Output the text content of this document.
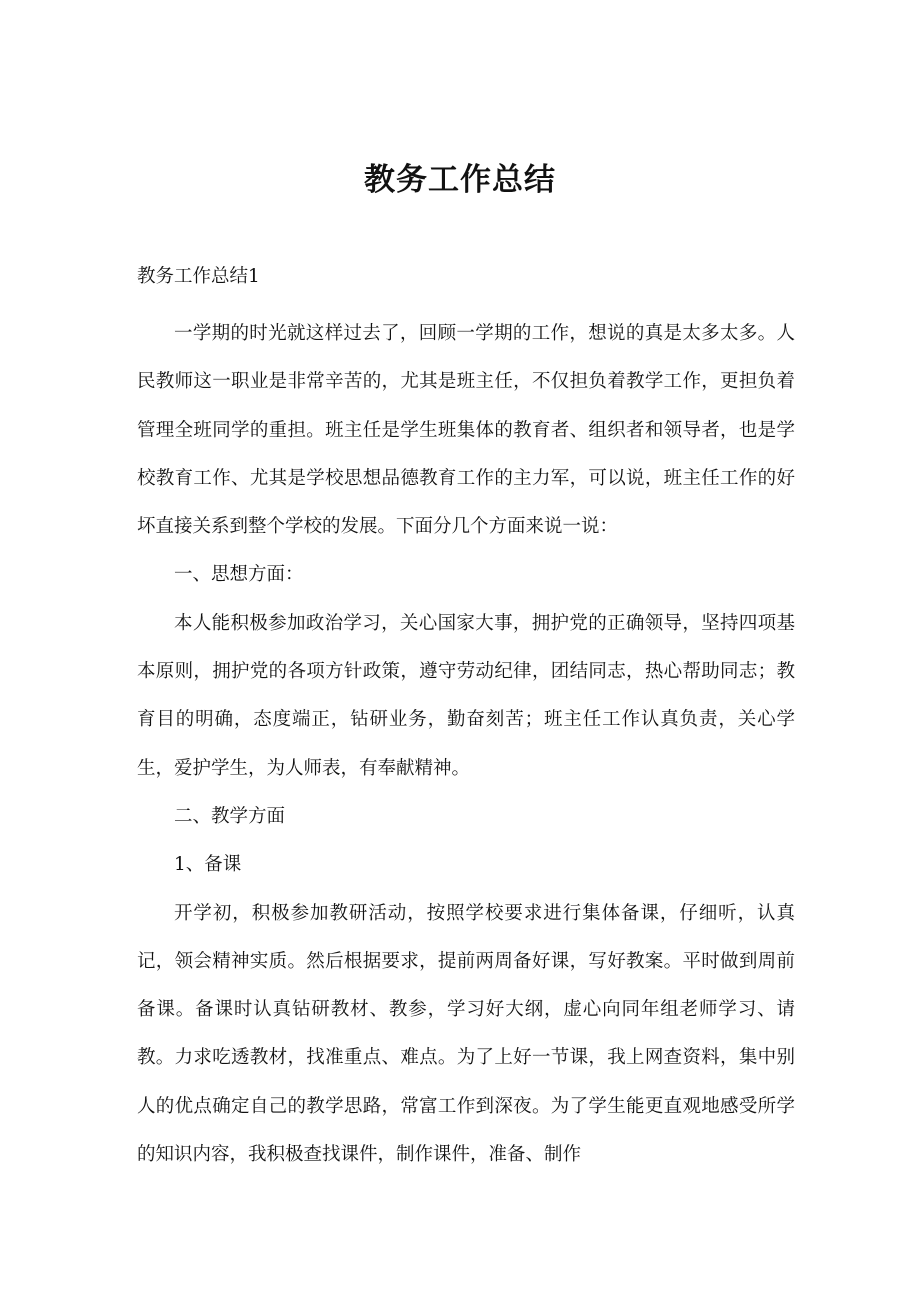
教务工作总结
教务工作总结1

一学期的时光就这样过去了，回顾一学期的工作，想说的真是太多太多。人民教师这一职业是非常辛苦的，尤其是班主任，不仅担负着教学工作，更担负着管理全班同学的重担。班主任是学生班集体的教育者、组织者和领导者，也是学校教育工作、尤其是学校思想品德教育工作的主力军，可以说，班主任工作的好坏直接关系到整个学校的发展。下面分几个方面来说一说：

一、思想方面：

本人能积极参加政治学习，关心国家大事，拥护党的正确领导，坚持四项基本原则，拥护党的各项方针政策，遵守劳动纪律，团结同志，热心帮助同志；教育目的明确，态度端正，钻研业务，勤奋刻苦；班主任工作认真负责，关心学生，爱护学生，为人师表，有奉献精神。

二、教学方面

1、备课

开学初，积极参加教研活动，按照学校要求进行集体备课，仔细听，认真记，领会精神实质。然后根据要求，提前两周备好课，写好教案。平时做到周前备课。备课时认真钻研教材、教参，学习好大纲，虚心向同年组老师学习、请教。力求吃透教材，找准重点、难点。为了上好一节课，我上网查资料，集中别人的优点确定自己的教学思路，常富工作到深夜。为了学生能更直观地感受所学的知识内容，我积极查找课件，制作课件，准备、制作
